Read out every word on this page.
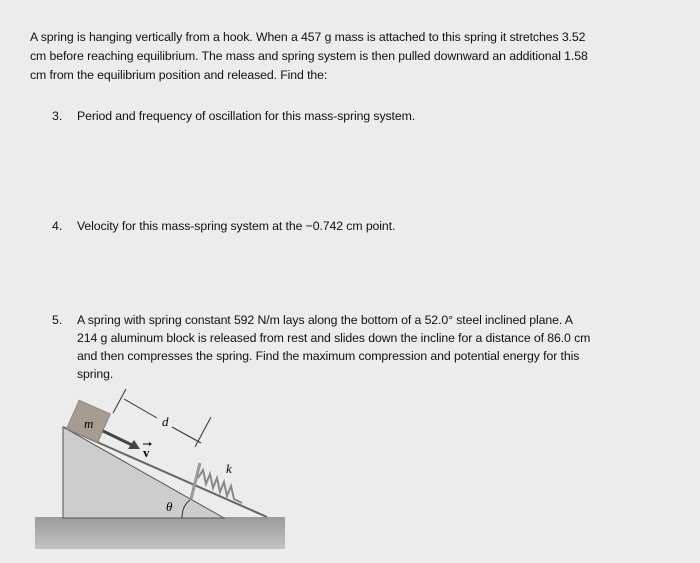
A spring is hanging vertically from a hook. When a 457 g mass is attached to this spring it stretches 3.52
cm before reaching equilibrium. The mass and spring system is then pulled downward an additional 1.58
cm from the equilibrium position and released. Find the:
3. Period and frequency of oscillation for this mass-spring system.
4. Velocity for this mass-spring system at the −0.742 cm point.
5. A spring with spring constant 592 N/m lays along the bottom of a 52.0° steel inclined plane. A
214 g aluminum block is released from rest and slides down the incline for a distance of 86.0 cm
and then compresses the spring. Find the maximum compression and potential energy for this
spring.
m
v
d
k
θ
